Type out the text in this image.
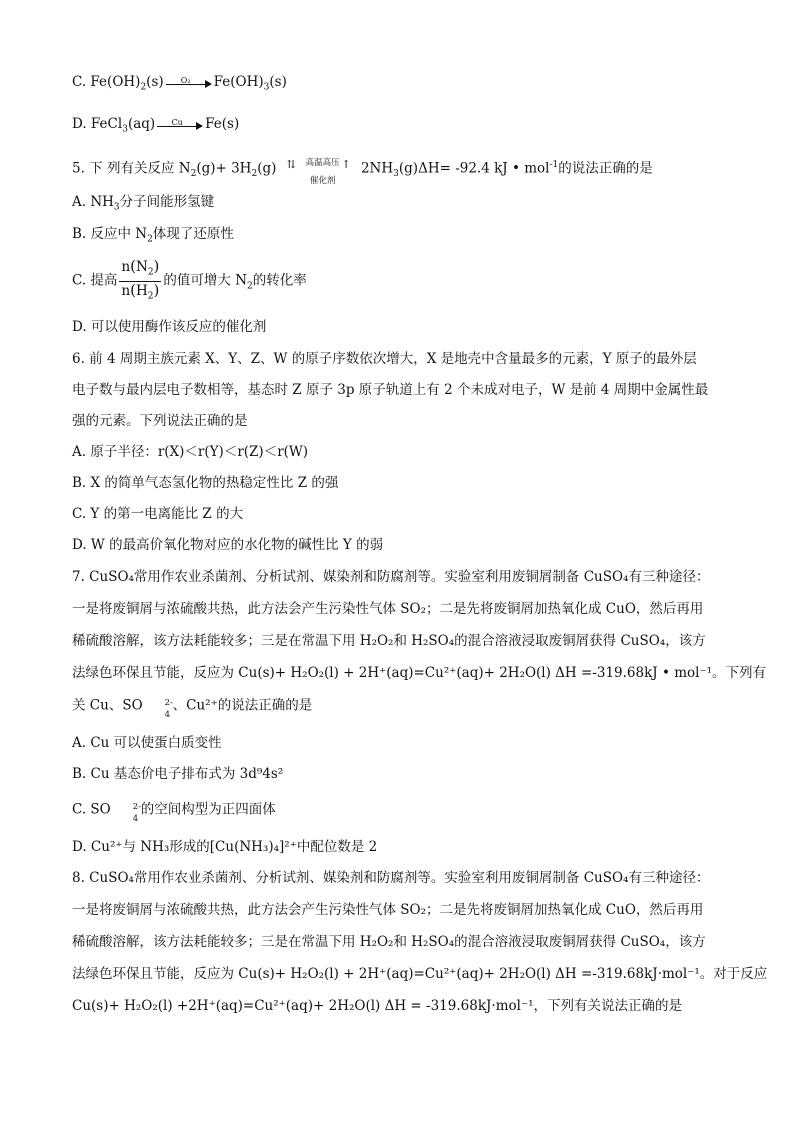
C. $Fe(OH)_2(s)$	O₂	$Fe(OH)_3(s)$
D. FeCl$_3$(aq)	Cu	Fe(s)
5. 下 列有关反应 $N_2(g)+ 3H_2(g)$ ⇅	高温高压
催化剂
↑ $2NH_3(g)\Delta H= -92.4$ kJ • mol$^{-1}$的说法正确的是
A. $NH_3$分子间能形氢键
B. 反应中 $N_2$体现了还原性
C. 提高 $\frac{n(N_2)}{n(H_2)}$ 的值可增大 $N_2$的转化率
D. 可以使用酶作该反应的催化剂
6. 前 4 周期主族元素 X、Y、Z、W 的原子序数依次增大，X 是地壳中含量最多的元素，Y 原子的最外层
电子数与最内层电子数相等，基态时 Z 原子 3p 原子轨道上有 2 个未成对电子，W 是前 4 周期中金属性最
强的元素。下列说法正确的是
A. 原子半径：r(X)＜r(Y)＜r(Z)＜r(W)
B. X 的简单气态氢化物的热稳定性比 Z 的强
C. Y 的第一电离能比 Z 的大
D. W 的最高价氧化物对应的水化物的碱性比 Y 的弱
7. CuSO₄常用作农业杀菌剂、分析试剂、媒染剂和防腐剂等。实验室利用废铜屑制备 CuSO₄有三种途径：
一是将废铜屑与浓硫酸共热，此方法会产生污染性气体 SO₂；二是先将废铜屑加热氧化成 CuO，然后再用
稀硫酸溶解，该方法耗能较多；三是在常温下用 H₂O₂和 H₂SO₄的混合溶液浸取废铜屑获得 CuSO₄，该方
法绿色环保且节能，反应为 Cu(s)+ H₂O₂(l) + 2H⁺(aq)=Cu²⁺(aq)+ 2H₂O(l) ΔH =-319.68kJ • mol⁻¹。下列有
关 Cu、SO	2-
4
、Cu²⁺的说法正确的是
A. Cu 可以使蛋白质变性
B. Cu 基态价电子排布式为 3d⁹4s²
C. SO	2-
4
的空间构型为正四面体
D. Cu²⁺与 NH₃形成的[Cu(NH₃)₄]²⁺中配位数是 2
8. CuSO₄常用作农业杀菌剂、分析试剂、媒染剂和防腐剂等。实验室利用废铜屑制备 CuSO₄有三种途径：
一是将废铜屑与浓硫酸共热，此方法会产生污染性气体 SO₂；二是先将废铜屑加热氧化成 CuO，然后再用
稀硫酸溶解，该方法耗能较多；三是在常温下用 H₂O₂和 H₂SO₄的混合溶液浸取废铜屑获得 CuSO₄，该方
法绿色环保且节能，反应为 Cu(s)+ H₂O₂(l) + 2H⁺(aq)=Cu²⁺(aq)+ 2H₂O(l) ΔH =-319.68kJ·mol⁻¹。对于反应
Cu(s)+ H₂O₂(l) +2H⁺(aq)=Cu²⁺(aq)+ 2H₂O(l) ΔH = -319.68kJ·mol⁻¹，下列有关说法正确的是
